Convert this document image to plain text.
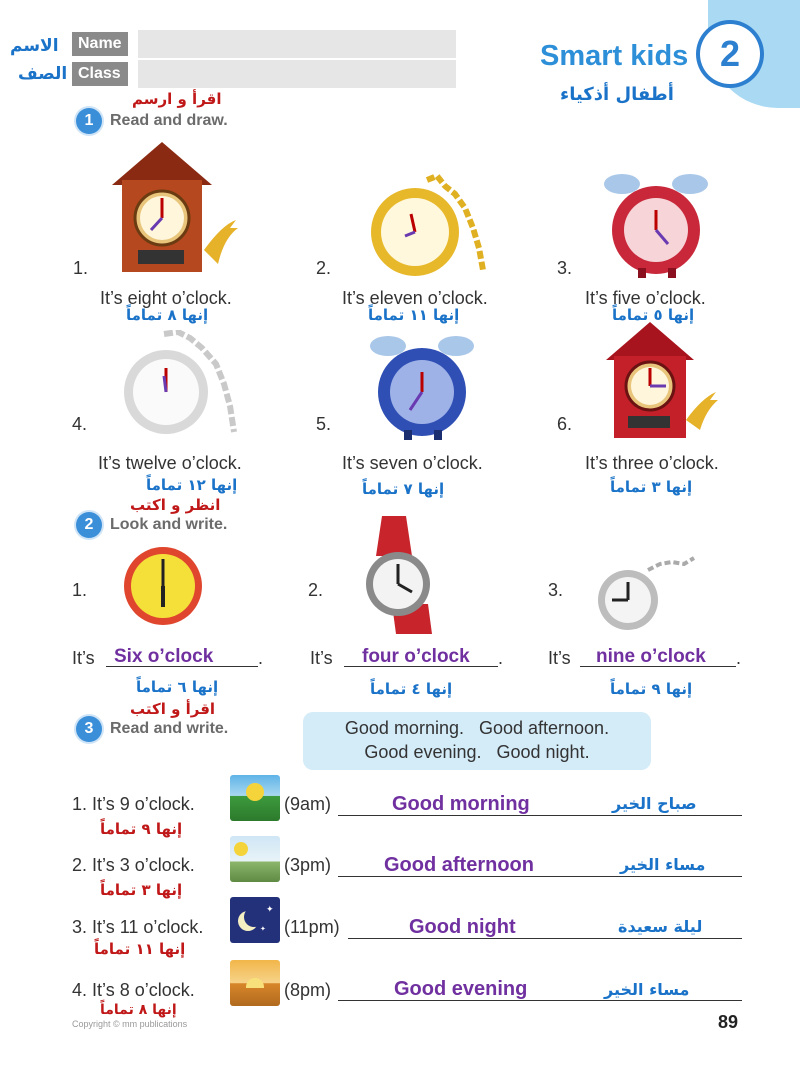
الاسم
الصف
Name
Class	2
Smart kids
أطفال أذكياء
اقرأ و ارسم
1	Read and draw.
1.
It’s eight o’clock.
إنها ٨ تماماً
2.
It’s eleven o’clock.
إنها ١١ تماماً
3.
It’s five o’clock.
إنها ٥ تماماً
4.
It’s twelve o’clock.
إنها ١٢ تماماً
5.
It’s seven o’clock.
إنها ٧ تماماً
6.
It’s three o’clock.
إنها ٣ تماماً
انظر و اكتب
2	Look and write.
1.	2.	3.
It’s Six o’clock .
إنها ٦ تماماً
It’s four o’clock .
إنها ٤ تماماً
It’s nine o’clock .
إنها ٩ تماماً
اقرأ و اكتب
3	Read and write.	Good morning.   Good afternoon.
Good evening.   Good night.
1. It’s 9 o’clock.
إنها ٩ تماماً
(9am)	Good morning	صباح الخير
2. It’s 3 o’clock.
إنها ٣ تماماً
(3pm)	Good afternoon	مساء الخير
3. It’s 11 o’clock.
إنها ١١ تماماً
✦
✦ (11pm)	Good night	ليلة سعيدة
4. It’s 8 o’clock.
إنها ٨ تماماً
(8pm)	Good evening	مساء الخير
Copyright © mm publications	89
